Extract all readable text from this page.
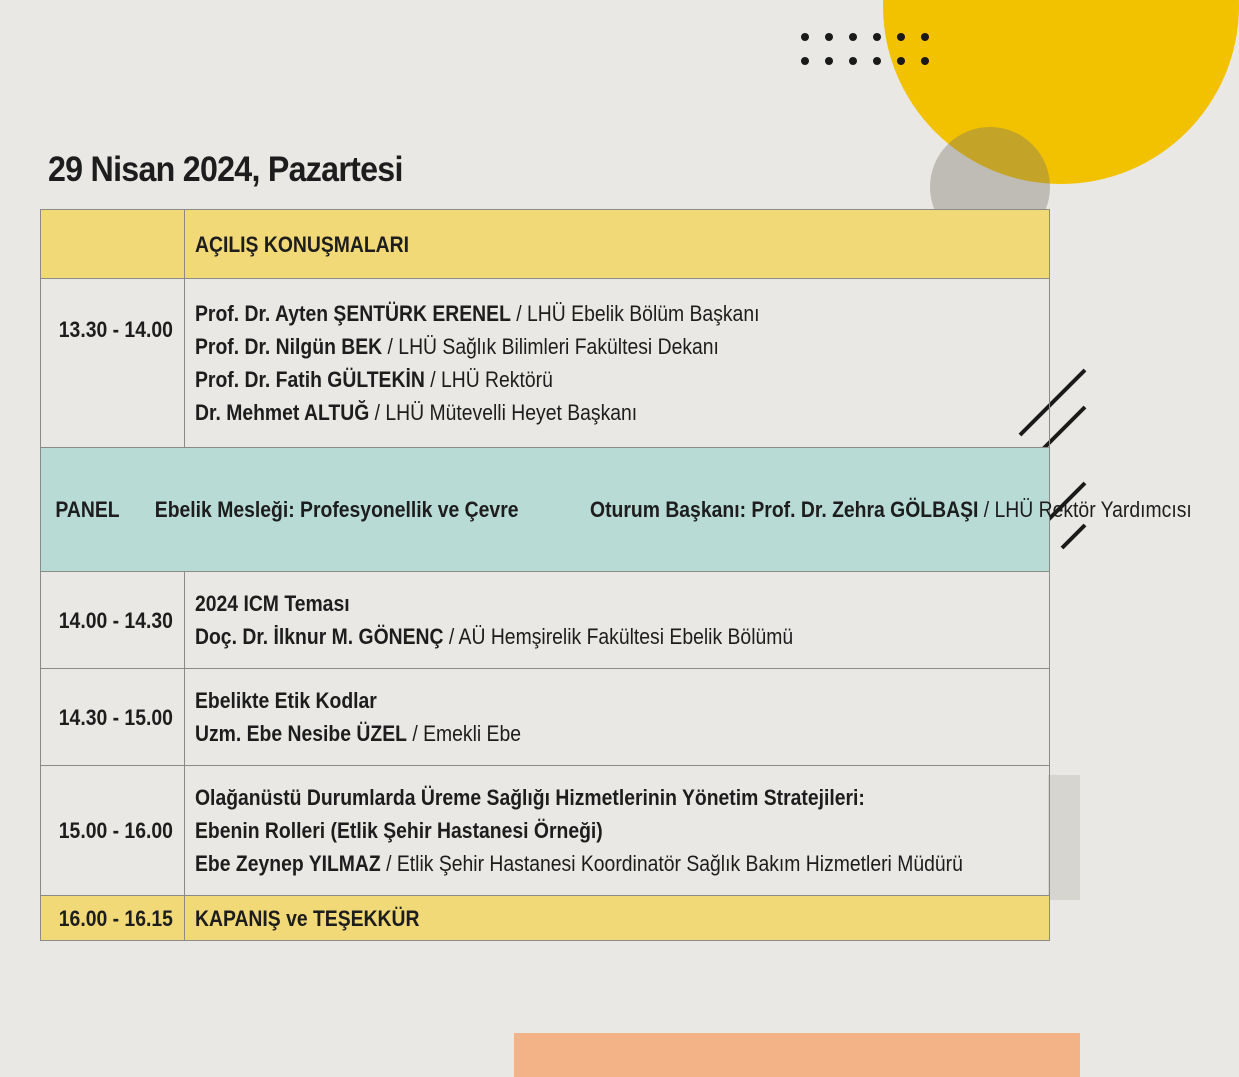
29 Nisan 2024, Pazartesi

	AÇILIŞ KONUŞMALARI

13.30 - 14.00	Prof. Dr. Ayten ŞENTÜRK ERENEL / LHÜ Ebelik Bölüm Başkanı
Prof. Dr. Nilgün BEK / LHÜ Sağlık Bilimleri Fakültesi Dekanı
Prof. Dr. Fatih GÜLTEKİN / LHÜ Rektörü
Dr. Mehmet ALTUĞ / LHÜ Mütevelli Heyet Başkanı

PANEL Ebelik Mesleği: Profesyonellik ve Çevre Oturum Başkanı: Prof. Dr. Zehra GÖLBAŞI / LHÜ Rektör Yardımcısı	
14.00 - 14.30	2024 ICM Teması
Doç. Dr. İlknur M. GÖNENÇ / AÜ Hemşirelik Fakültesi Ebelik Bölümü

14.30 - 15.00	Ebelikte Etik Kodlar
Uzm. Ebe Nesibe ÜZEL / Emekli Ebe

15.00 - 16.00	Olağanüstü Durumlarda Üreme Sağlığı Hizmetlerinin Yönetim Stratejileri:
Ebenin Rolleri (Etlik Şehir Hastanesi Örneği)
Ebe Zeynep YILMAZ / Etlik Şehir Hastanesi Koordinatör Sağlık Bakım Hizmetleri Müdürü

16.00 - 16.15	KAPANIŞ ve TEŞEKKÜR
